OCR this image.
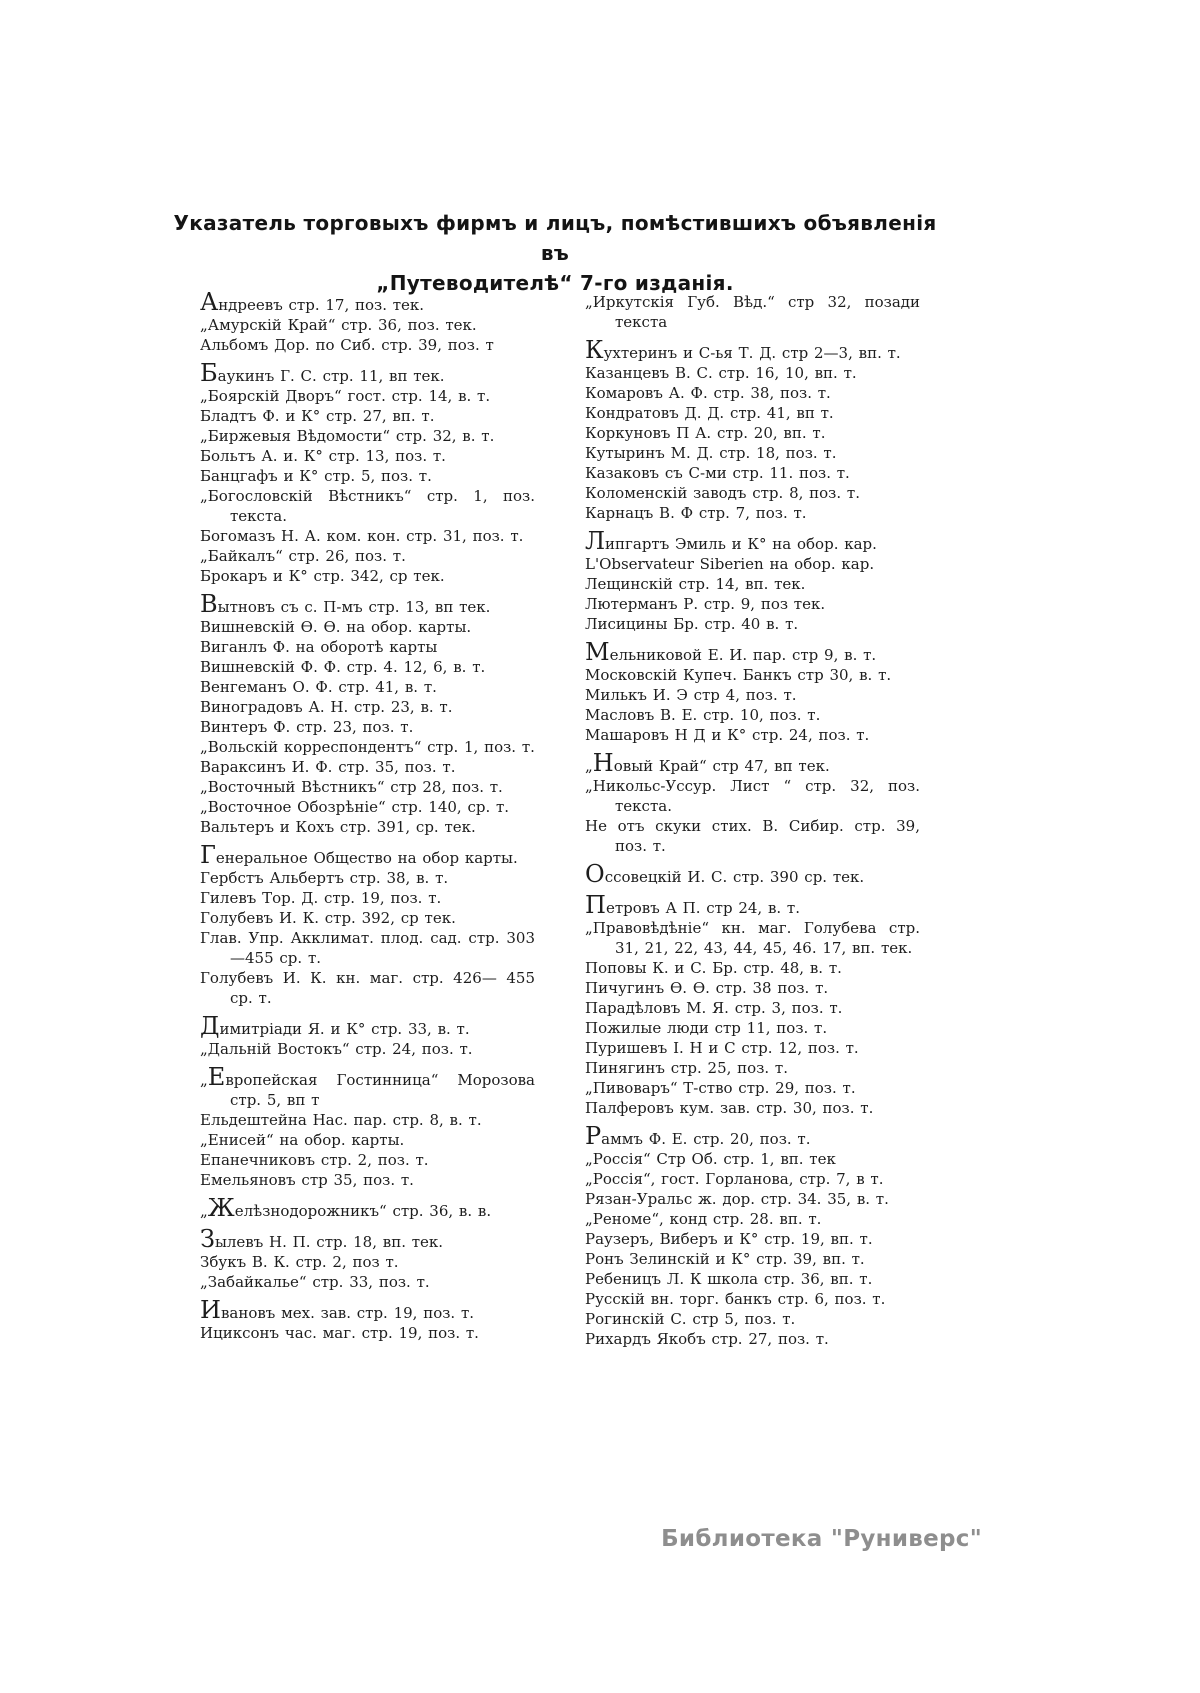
Указатель торговыхъ фирмъ и лицъ, помѣстившихъ объявленія въ
„Путеводителѣ“ 7-го изданія.

Андреевъ стр. 17, поз. тек.

„Амурскій Край“ стр. 36, поз. тек.

Альбомъ Дор. по Сиб. стр. 39, поз. т

Баукинъ Г. С. стр. 11, вп тек.

„Боярскій Дворъ“ гост. стр. 14, в. т.

Бладтъ Ф. и К° стр. 27, вп. т.

„Биржевыя Вѣдомости“ стр. 32, в. т.

Больтъ А. и. К° стр. 13, поз. т.

Банцгафъ и К° стр. 5, поз. т.

„Богословскій Вѣстникъ“ стр. 1, поз. текста.

Богомазъ Н. А. ком. кон. стр. 31, поз. т.

„Байкалъ“ стр. 26, поз. т.

Брокаръ и К° стр. 342, ср тек.

Вытновъ съ с. П-мъ стр. 13, вп тек.

Вишневскій Ѳ. Ѳ. на обор. карты.

Виганлъ Ф. на оборотѣ карты

Вишневскій Ф. Ф. стр. 4. 12, 6, в. т.

Венгеманъ О. Ф. стр. 41, в. т.

Виноградовъ А. Н. стр. 23, в. т.

Винтеръ Ф. стр. 23, поз. т.

„Вольскій корреспондентъ“ стр. 1, поз. т.

Вараксинъ И. Ф. стр. 35, поз. т.

„Восточный Вѣстникъ“ стр 28, поз. т.

„Восточное Обозрѣніе“ стр. 140, ср. т.

Вальтеръ и Кохъ стр. 391, ср. тек.

Генеральное Общество на обор карты.

Гербстъ Альбертъ стр. 38, в. т.

Гилевъ Тор. Д. стр. 19, поз. т.

Голубевъ И. К. стр. 392, ср тек.

Глав. Упр. Акклимат. плод. сад. стр. 303—455 ср. т.

Голубевъ И. К. кн. маг. стр. 426— 455 ср. т.

Димитріади Я. и К° стр. 33, в. т.

„Дальній Востокъ“ стр. 24, поз. т.

„Европейская Гостинница“ Морозова стр. 5, вп т

Ельдештейна Нас. пар. стр. 8, в. т.

„Енисей“ на обор. карты.

Епанечниковъ стр. 2, поз. т.

Емельяновъ стр 35, поз. т.

„Желѣзнодорожникъ“ стр. 36, в. в.

Зылевъ Н. П. стр. 18, вп. тек.

Збукъ В. К. стр. 2, поз т.

„Забайкалье“ стр. 33, поз. т.

Ивановъ мех. зав. стр. 19, поз. т.

Ициксонъ час. маг. стр. 19, поз. т.

„Иркутскія Губ. Вѣд.“ стр 32, позади текста

Кухтеринъ и С-ья Т. Д. стр 2—3, вп. т.

Казанцевъ В. С. стр. 16, 10, вп. т.

Комаровъ А. Ф. стр. 38, поз. т.

Кондратовъ Д. Д. стр. 41, вп т.

Коркуновъ П А. стр. 20, вп. т.

Кутыринъ М. Д. стр. 18, поз. т.

Казаковъ съ С-ми стр. 11. поз. т.

Коломенскій заводъ стр. 8, поз. т.

Карнацъ В. Ф стр. 7, поз. т.

Липгартъ Эмиль и К° на обор. кар.

L'Observateur Siberien на обор. кар.

Лещинскій стр. 14, вп. тек.

Лютерманъ Р. стр. 9, поз тек.

Лисицины Бр. стр. 40 в. т.

Мельниковой Е. И. пар. стр 9, в. т.

Московскій Купеч. Банкъ стр 30, в. т.

Милькъ И. Э стр 4, поз. т.

Масловъ В. Е. стр. 10, поз. т.

Машаровъ Н Д и К° стр. 24, поз. т.

„Новый Край“ стр 47, вп тек.

„Никольс-Уссур. Лист “ стр. 32, поз. текста.

Не отъ скуки стих. В. Сибир. стр. 39, поз. т.

Оссовецкій И. С. стр. 390 ср. тек.

Петровъ А П. стр 24, в. т.

„Правовѣдѣніе“ кн. маг. Голубева стр. 31, 21, 22, 43, 44, 45, 46. 17, вп. тек.

Поповы К. и С. Бр. стр. 48, в. т.

Пичугинъ Ѳ. Ѳ. стр. 38 поз. т.

Парадѣловъ М. Я. стр. 3, поз. т.

Пожилые люди стр 11, поз. т.

Пуришевъ І. Н и С стр. 12, поз. т.

Пинягинъ стр. 25, поз. т.

„Пивоваръ“ Т-ство стр. 29, поз. т.

Палферовъ кум. зав. стр. 30, поз. т.

Раммъ Ф. Е. стр. 20, поз. т.

„Россія“ Стр Об. стр. 1, вп. тек

„Россія“, гост. Горланова, стр. 7, в т.

Рязан-Уральс ж. дор. стр. 34. 35, в. т.

„Реноме“, конд стр. 28. вп. т.

Раузеръ, Виберъ и К° стр. 19, вп. т.

Ронъ Зелинскій и К° стр. 39, вп. т.

Ребеницъ Л. К школа стр. 36, вп. т.

Русскій вн. торг. банкъ стр. 6, поз. т.

Рогинскій С. стр 5, поз. т.

Рихардъ Якобъ стр. 27, поз. т.

Библиотека "Руниверс"
